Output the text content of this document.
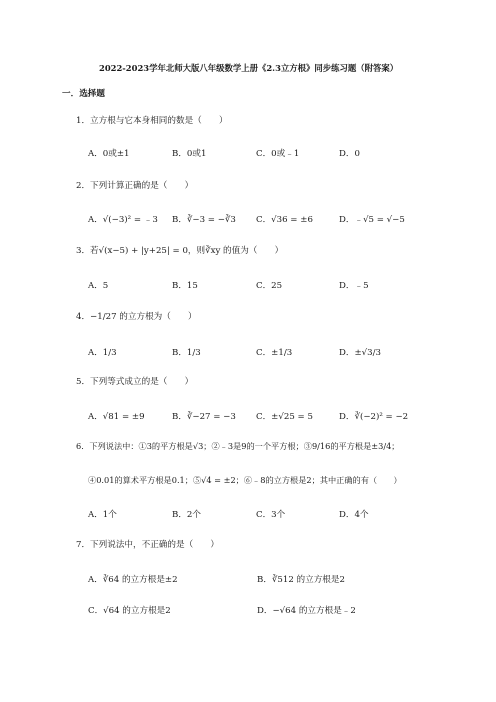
2022-2023学年北师大版八年级数学上册《2.3立方根》同步练习题（附答案）
一．选择题
1．立方根与它本身相同的数是（　　）
A．0或±1	B．0或1	C．0或﹣1	D．0
2．下列计算正确的是（　　）
A．√(−3)² = ﹣3 B．∛−3 = −∛3 C．√36 = ±6	D．﹣√5 = √−5
3．若√(x−5) + |y+25| = 0，则∛xy 的值为（　　）
A．5	B．15	C．25	D．﹣5
4．−1/27 的立方根为（　　）
A．1/3	B．1/3	C．±1/3	D．±√3/3
5．下列等式成立的是（　　）
A．√81 = ±9	B．∛−27 = −3 C．±√25 = 5	D．∛(−2)² = −2
6．下列说法中：①3的平方根是√3；②﹣3是9的一个平方根；③9/16的平方根是±3/4；
④0.01的算术平方根是0.1；⑤√4 = ±2；⑥﹣8的立方根是2；其中正确的有（　　）
A．1个	B．2个	C．3个	D．4个
7．下列说法中，不正确的是（　　）
A．∛64 的立方根是±2	B．∛512 的立方根是2
C．√64 的立方根是2	D．−√64 的立方根是﹣2
